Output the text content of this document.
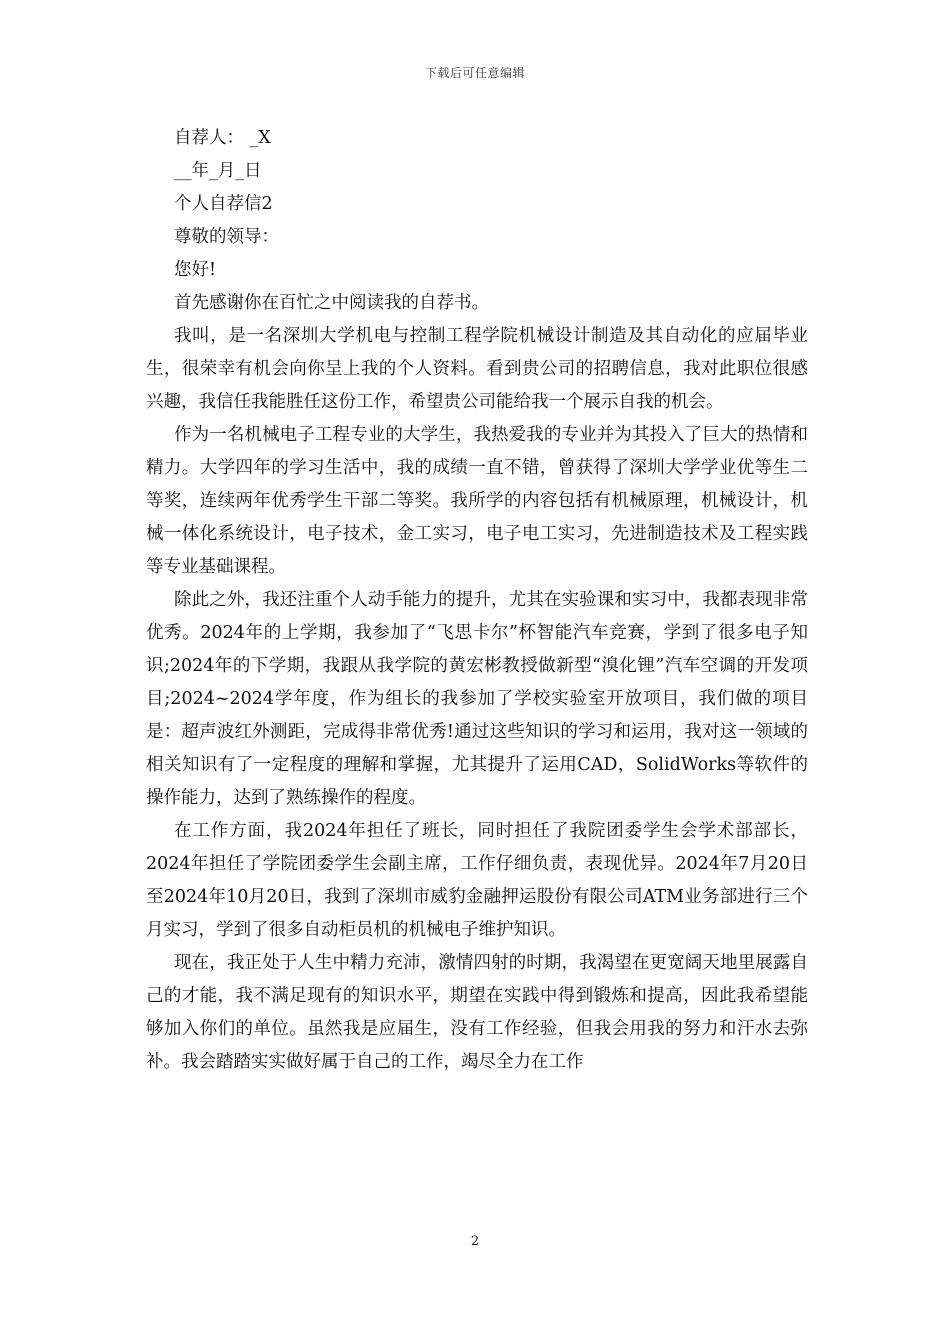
下载后可任意编辑
自荐人： _X
__年_月_日
个人自荐信2
尊敬的领导：
您好!
首先感谢你在百忙之中阅读我的自荐书。
我叫，是一名深圳大学机电与控制工程学院机械设计制造及其自动化的应届毕业生，很荣幸有机会向你呈上我的个人资料。看到贵公司的招聘信息，我对此职位很感兴趣，我信任我能胜任这份工作，希望贵公司能给我一个展示自我的机会。
作为一名机械电子工程专业的大学生，我热爱我的专业并为其投入了巨大的热情和精力。大学四年的学习生活中，我的成绩一直不错，曾获得了深圳大学学业优等生二等奖，连续两年优秀学生干部二等奖。我所学的内容包括有机械原理，机械设计，机械一体化系统设计，电子技术，金工实习，电子电工实习，先进制造技术及工程实践等专业基础课程。
除此之外，我还注重个人动手能力的提升，尤其在实验课和实习中，我都表现非常优秀。2024年的上学期，我参加了“飞思卡尔”杯智能汽车竞赛，学到了很多电子知识;2024年的下学期，我跟从我学院的黄宏彬教授做新型“溴化锂”汽车空调的开发项目;2024~2024学年度，作为组长的我参加了学校实验室开放项目，我们做的项目是：超声波红外测距，完成得非常优秀!通过这些知识的学习和运用，我对这一领域的相关知识有了一定程度的理解和掌握，尤其提升了运用CAD，SolidWorks等软件的操作能力，达到了熟练操作的程度。
在工作方面，我2024年担任了班长，同时担任了我院团委学生会学术部部长，2024年担任了学院团委学生会副主席，工作仔细负责，表现优异。2024年7月20日至2024年10月20日，我到了深圳市威豹金融押运股份有限公司ATM业务部进行三个月实习，学到了很多自动柜员机的机械电子维护知识。
现在，我正处于人生中精力充沛，激情四射的时期，我渴望在更宽阔天地里展露自己的才能，我不满足现有的知识水平，期望在实践中得到锻炼和提高，因此我希望能够加入你们的单位。虽然我是应届生，没有工作经验，但我会用我的努力和汗水去弥补。我会踏踏实实做好属于自己的工作，竭尽全力在工作
2
